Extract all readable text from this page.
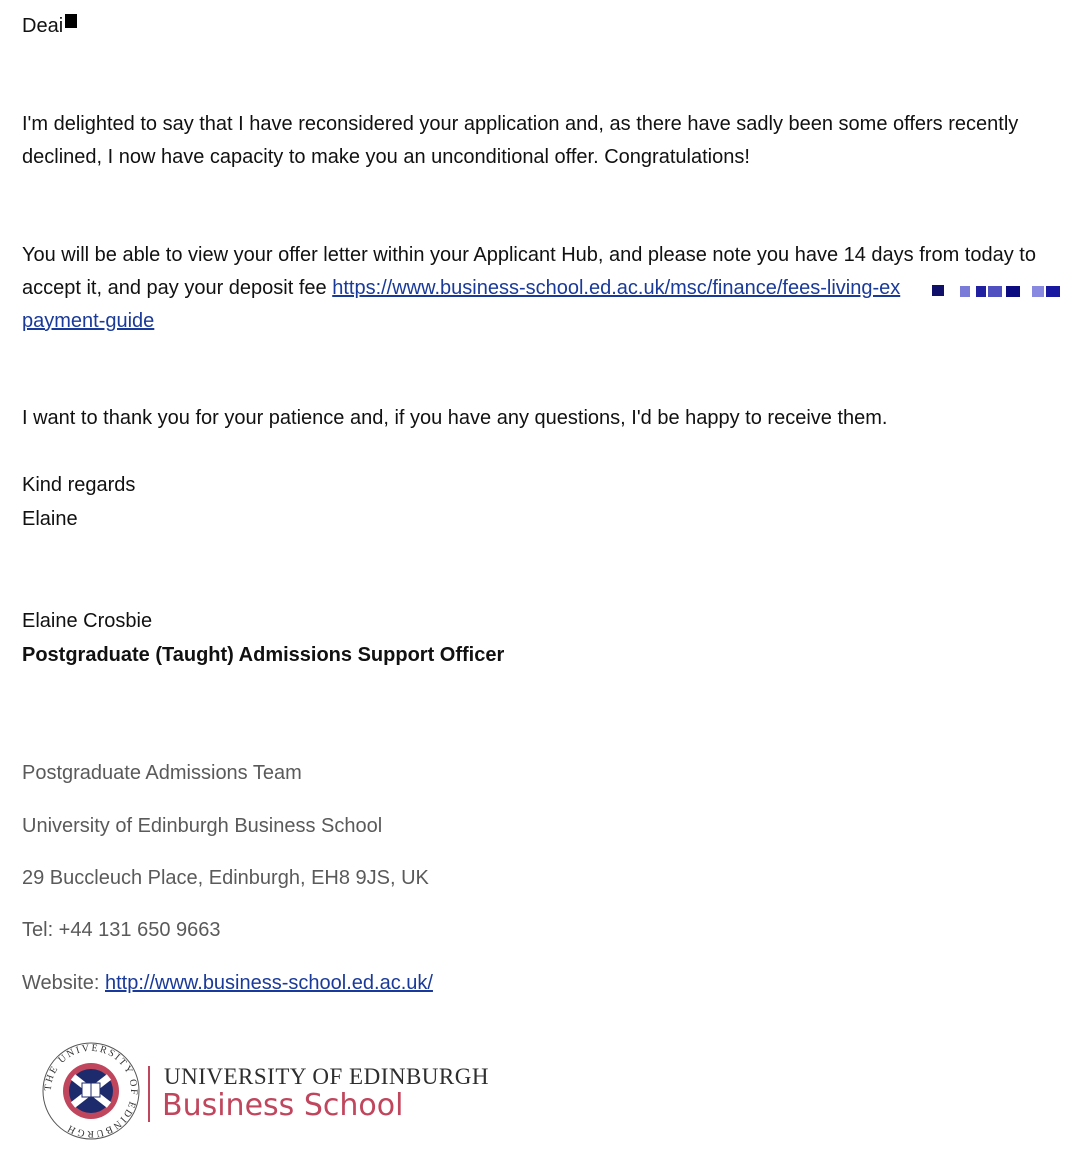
Deai
I'm delighted to say that I have reconsidered your application and, as there have sadly been some offers recently declined, I now have capacity to make you an unconditional offer. Congratulations!
You will be able to view your offer letter within your Applicant Hub, and please note you have 14 days from today to accept it, and pay your deposit fee https://www.business-school.ed.ac.uk/msc/finance/fees-living-ex
payment-guide
I want to thank you for your patience and, if you have any questions, I'd be happy to receive them.
Kind regards
Elaine
Elaine Crosbie
Postgraduate (Taught) Admissions Support Officer
Postgraduate Admissions Team
University of Edinburgh Business School
29 Buccleuch Place, Edinburgh, EH8 9JS, UK
Tel: +44 131 650 9663
Website: http://www.business-school.ed.ac.uk/
THE UNIVERSITY OF EDINBURGH
UNIVERSITY OF EDINBURGH
Business School
